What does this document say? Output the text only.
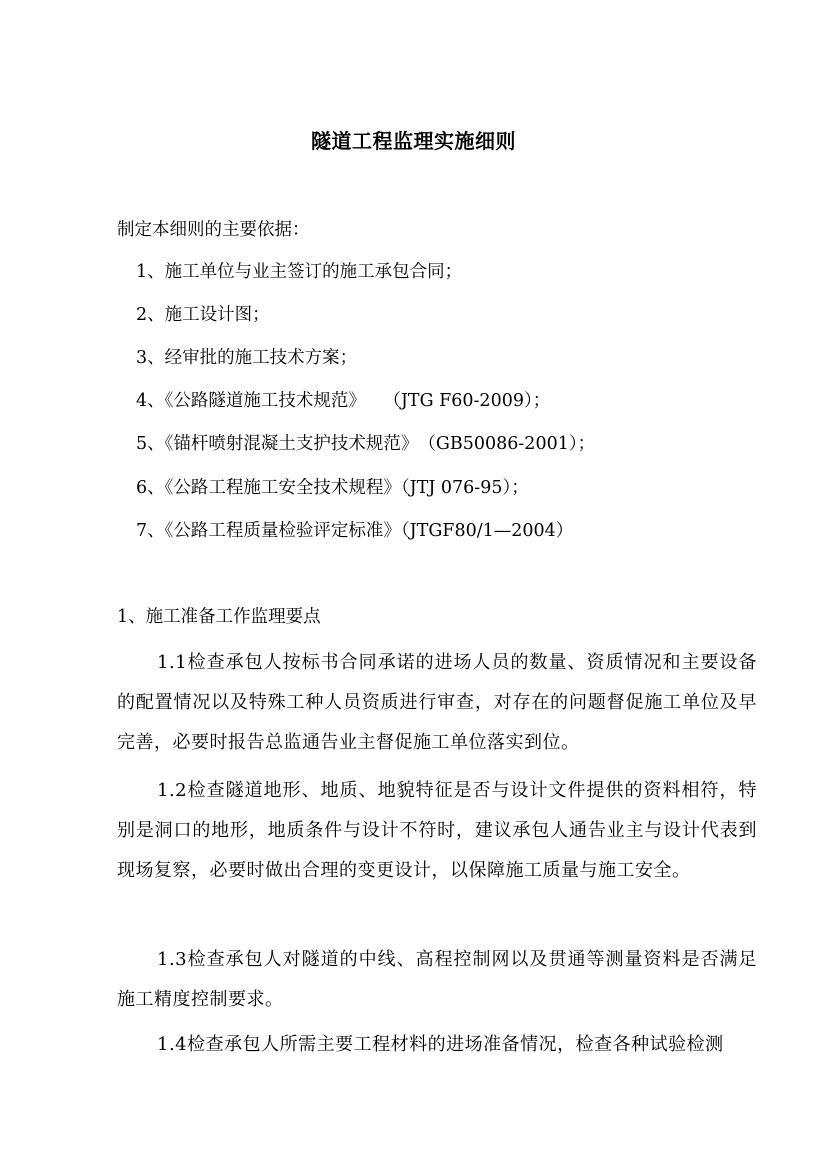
隧道工程监理实施细则
制定本细则的主要依据：
1、施工单位与业主签订的施工承包合同；
2、施工设计图；
3、经审批的施工技术方案；
4、《公路隧道施工技术规范》　　（JTG F60-2009）；
5、《锚杆喷射混凝土支护技术规范》　（GB50086-2001）；
6、《公路工程施工安全技术规程》（JTJ 076-95）；
7、《公路工程质量检验评定标准》（JTGF80/1—2004）
1、施工准备工作监理要点
1.1检查承包人按标书合同承诺的进场人员的数量、资质情况和主要设备的配置情况以及特殊工种人员资质进行审查，对存在的问题督促施工单位及早完善，必要时报告总监通告业主督促施工单位落实到位。
1.2检查隧道地形、地质、地貌特征是否与设计文件提供的资料相符，特别是洞口的地形，地质条件与设计不符时，建议承包人通告业主与设计代表到现场复察，必要时做出合理的变更设计，以保障施工质量与施工安全。
1.3检查承包人对隧道的中线、高程控制网以及贯通等测量资料是否满足施工精度控制要求。
1.4检查承包人所需主要工程材料的进场准备情况，检查各种试验检测
